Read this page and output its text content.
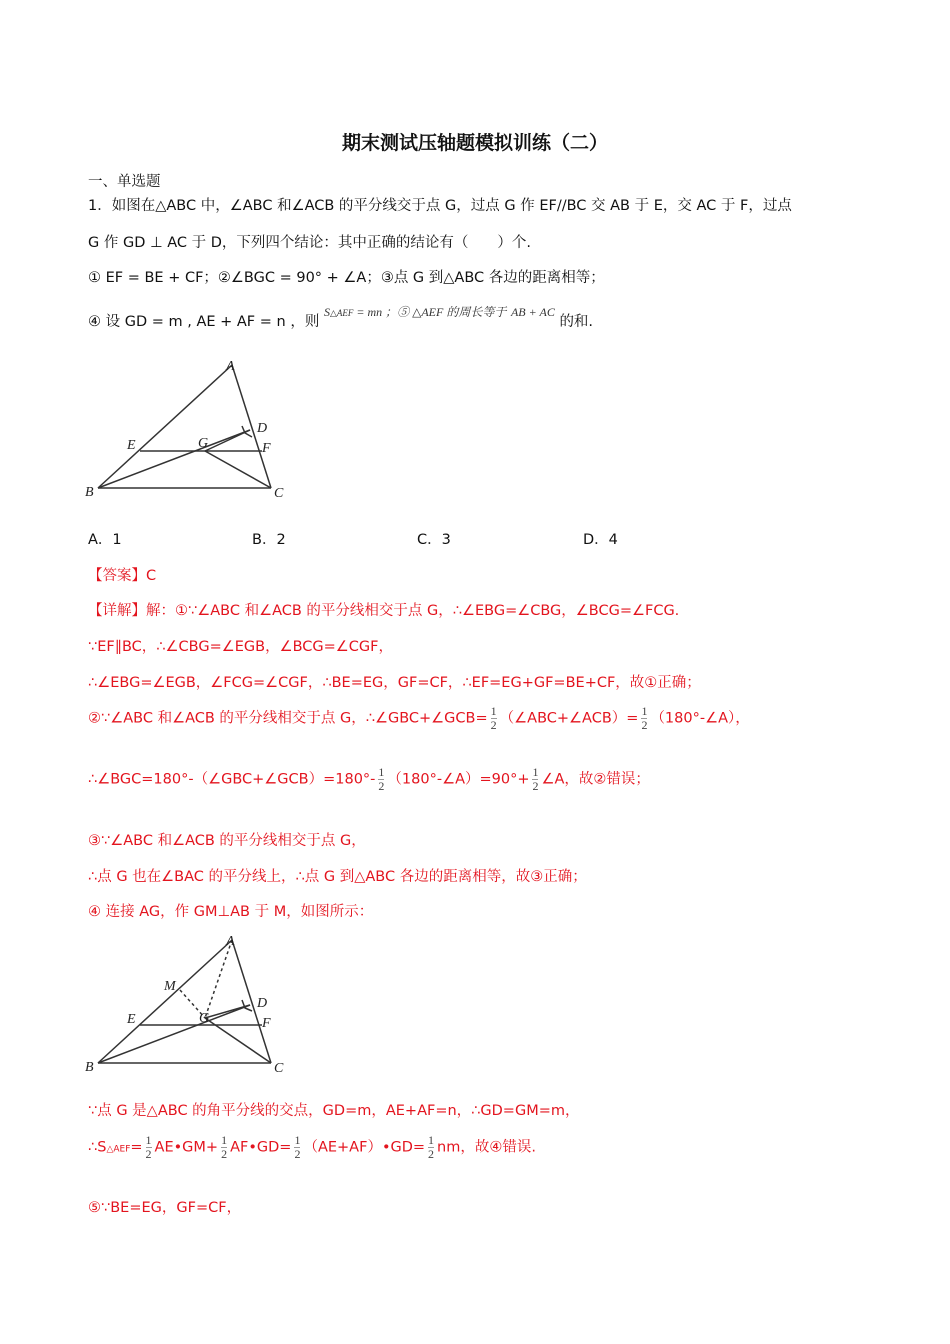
期末测试压轴题模拟训练（二）
一、单选题
1．如图在△ABC 中，∠ABC 和∠ACB 的平分线交于点 G，过点 G 作 EF//BC 交 AB 于 E，交 AC 于 F，过点
G 作 GD ⊥ AC 于 D，下列四个结论：其中正确的结论有（　　）个.
① EF = BE + CF；②∠BGC = 90° + ∠A；③点 G 到△ABC 各边的距离相等；
④ 设 GD = m , AE + AF = n ，则 $^{S\triangle AEF = mn ;⑤ \triangle AEF 的周长等于}$ $^{AB + AC}$ 的和.
A
B	C
D
E	F
G
A．1	B．2	C．3	D．4
【答案】C
【详解】解：①∵∠ABC 和∠ACB 的平分线相交于点 G，∴∠EBG=∠CBG，∠BCG=∠FCG.
∵EF∥BC，∴∠CBG=∠EGB，∠BCG=∠CGF，
∴∠EBG=∠EGB，∠FCG=∠CGF，∴BE=EG，GF=CF，∴EF=EG+GF=BE+CF，故①正确；
②∵∠ABC 和∠ACB 的平分线相交于点 G，∴∠GBC+∠GCB= $\frac{1}{2}$ （∠ABC+∠ACB）= $\frac{1}{2}$ （180°-∠A），
∴∠BGC=180°-（∠GBC+∠GCB）=180°- $\frac{1}{2}$ （180°-∠A）=90°+ $\frac{1}{2}$ ∠A，故②错误；
③∵∠ABC 和∠ACB 的平分线相交于点 G，
∴点 G 也在∠BAC 的平分线上，∴点 G 到△ABC 各边的距离相等，故③正确；
④ 连接 AG，作 GM⊥AB 于 M，如图所示：
A
B	C
D
E	F
G
M
∵点 G 是△ABC 的角平分线的交点，GD=m，AE+AF=n，∴GD=GM=m，
∴S△AEF= $\frac{1}{2}$ AE•GM+ $\frac{1}{2}$ AF•GD= $\frac{1}{2}$ （AE+AF）•GD= $\frac{1}{2}$ nm，故④错误.
⑤∵BE=EG，GF=CF，
